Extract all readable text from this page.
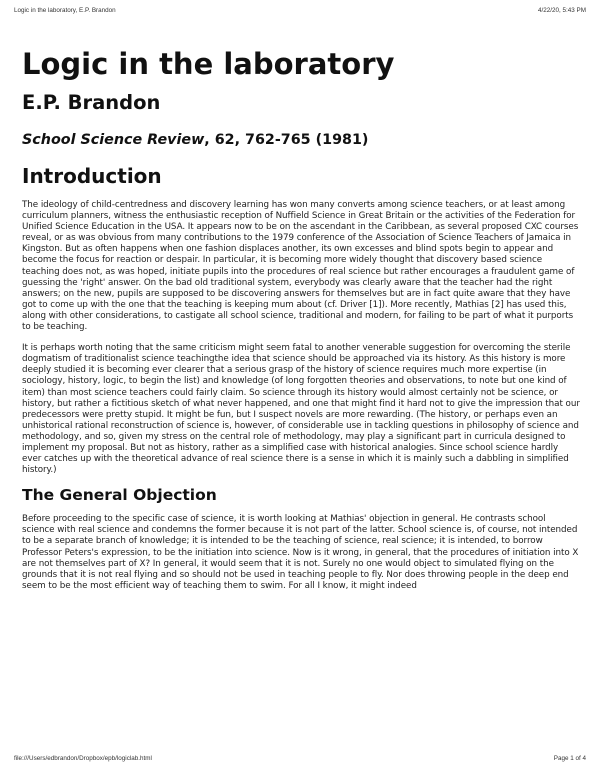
Logic in the laboratory, E.P. Brandon	4/22/20, 5:43 PM
Logic in the laboratory
E.P. Brandon
School Science Review, 62, 762-765 (1981)
Introduction

The ideology of child-centredness and discovery learning has won many converts among science teachers, or at least among curriculum planners, witness the enthusiastic reception of Nuffield Science in Great Britain or the activities of the Federation for Unified Science Education in the USA. It appears now to be on the ascendant in the Caribbean, as several proposed CXC courses reveal, or as was obvious from many contributions to the 1979 conference of the Association of Science Teachers of Jamaica in Kingston. But as often happens when one fashion displaces another, its own excesses and blind spots begin to appear and become the focus for reaction or despair. In particular, it is becoming more widely thought that discovery based science teaching does not, as was hoped, initiate pupils into the procedures of real science but rather encourages a fraudulent game of guessing the 'right' answer. On the bad old traditional system, everybody was clearly aware that the teacher had the right answers; on the new, pupils are supposed to be discovering answers for themselves but are in fact quite aware that they have got to come up with the one that the teaching is keeping mum about (cf. Driver [1]). More recently, Mathias [2] has used this, along with other considerations, to castigate all school science, traditional and modern, for failing to be part of what it purports to be teaching.

It is perhaps worth noting that the same criticism might seem fatal to another venerable suggestion for overcoming the sterile dogmatism of traditionalist science teachingthe idea that science should be approached via its history. As this history is more deeply studied it is becoming ever clearer that a serious grasp of the history of science requires much more expertise (in sociology, history, logic, to begin the list) and knowledge (of long forgotten theories and observations, to note but one kind of item) than most science teachers could fairly claim. So science through its history would almost certainly not be science, or history, but rather a fictitious sketch of what never happened, and one that might find it hard not to give the impression that our predecessors were pretty stupid. It might be fun, but I suspect novels are more rewarding. (The history, or perhaps even an unhistorical rational reconstruction of science is, however, of considerable use in tackling questions in philosophy of science and methodology, and so, given my stress on the central role of methodology, may play a significant part in curricula designed to implement my proposal. But not as history, rather as a simplified case with historical analogies. Since school science hardly ever catches up with the theoretical advance of real science there is a sense in which it is mainly such a dabbling in simplified history.)

The General Objection

Before proceeding to the specific case of science, it is worth looking at Mathias' objection in general. He contrasts school science with real science and condemns the former because it is not part of the latter. School science is, of course, not intended to be a separate branch of knowledge; it is intended to be the teaching of science, real science; it is intended, to borrow Professor Peters's expression, to be the initiation into science. Now is it wrong, in general, that the procedures of initiation into X are not themselves part of X? In general, it would seem that it is not. Surely no one would object to simulated flying on the grounds that it is not real flying and so should not be used in teaching people to fly. Nor does throwing people in the deep end seem to be the most efficient way of teaching them to swim. For all I know, it might indeed

file:///Users/edbrandon/Dropbox/epb/logiclab.html	Page 1 of 4
